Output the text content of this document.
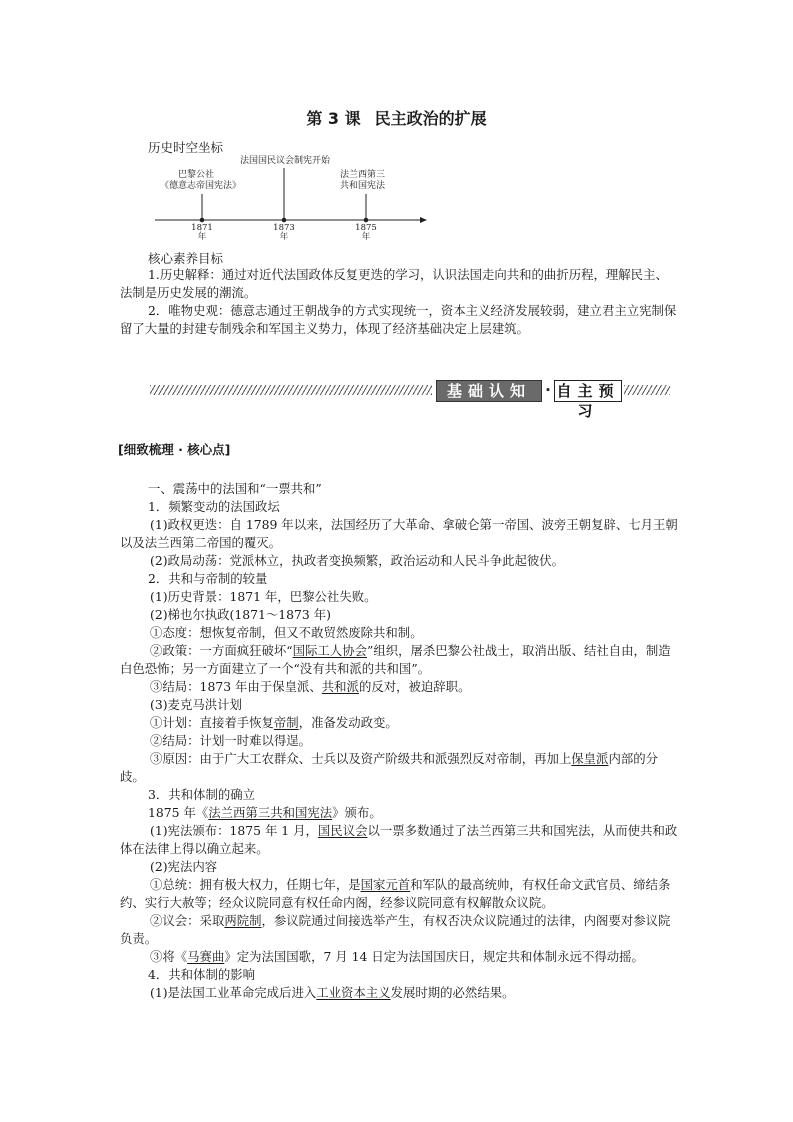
第 3 课 民主政治的扩展
历史时空坐标
巴黎公社
《德意志帝国宪法》
法国国民议会制宪开始
法兰西第三
共和国宪法
1871
年
1873
年
1875
年
核心素养目标

1.历史解释：通过对近代法国政体反复更迭的学习，认识法国走向共和的曲折历程，理解民主、法制是历史发展的潮流。

2．唯物史观：德意志通过王朝战争的方式实现统一，资本主义经济发展较弱，建立君主立宪制保留了大量的封建专制残余和军国主义势力，体现了经济基础决定上层建筑。

基础认知 · 自主预习
[细致梳理 · 核心点]

一、震荡中的法国和“一票共和”

1．频繁变动的法国政坛

(1)政权更迭：自 1789 年以来，法国经历了大革命、拿破仑第一帝国、波旁王朝复辟、七月王朝以及法兰西第二帝国的覆灭。

(2)政局动荡：党派林立，执政者变换频繁，政治运动和人民斗争此起彼伏。

2．共和与帝制的较量

(1)历史背景：1871 年，巴黎公社失败。

(2)梯也尔执政(1871～1873 年)

①态度：想恢复帝制，但又不敢贸然废除共和制。

②政策：一方面疯狂破坏“国际工人协会”组织，屠杀巴黎公社战士，取消出版、结社自由，制造白色恐怖；另一方面建立了一个“没有共和派的共和国”。

③结局：1873 年由于保皇派、共和派的反对，被迫辞职。

(3)麦克马洪计划

①计划：直接着手恢复帝制，准备发动政变。

②结局：计划一时难以得逞。

③原因：由于广大工农群众、士兵以及资产阶级共和派强烈反对帝制，再加上保皇派内部的分歧。

3．共和体制的确立

1875 年《法兰西第三共和国宪法》颁布。

(1)宪法颁布：1875 年 1 月，国民议会以一票多数通过了法兰西第三共和国宪法，从而使共和政体在法律上得以确立起来。

(2)宪法内容

①总统：拥有极大权力，任期七年，是国家元首和军队的最高统帅，有权任命文武官员、缔结条约、实行大赦等；经众议院同意有权任命内阁，经参议院同意有权解散众议院。

②议会：采取两院制，参议院通过间接选举产生，有权否决众议院通过的法律，内阁要对参议院负责。

③将《马赛曲》定为法国国歌，7 月 14 日定为法国国庆日，规定共和体制永远不得动摇。

4．共和体制的影响

(1)是法国工业革命完成后进入工业资本主义发展时期的必然结果。
